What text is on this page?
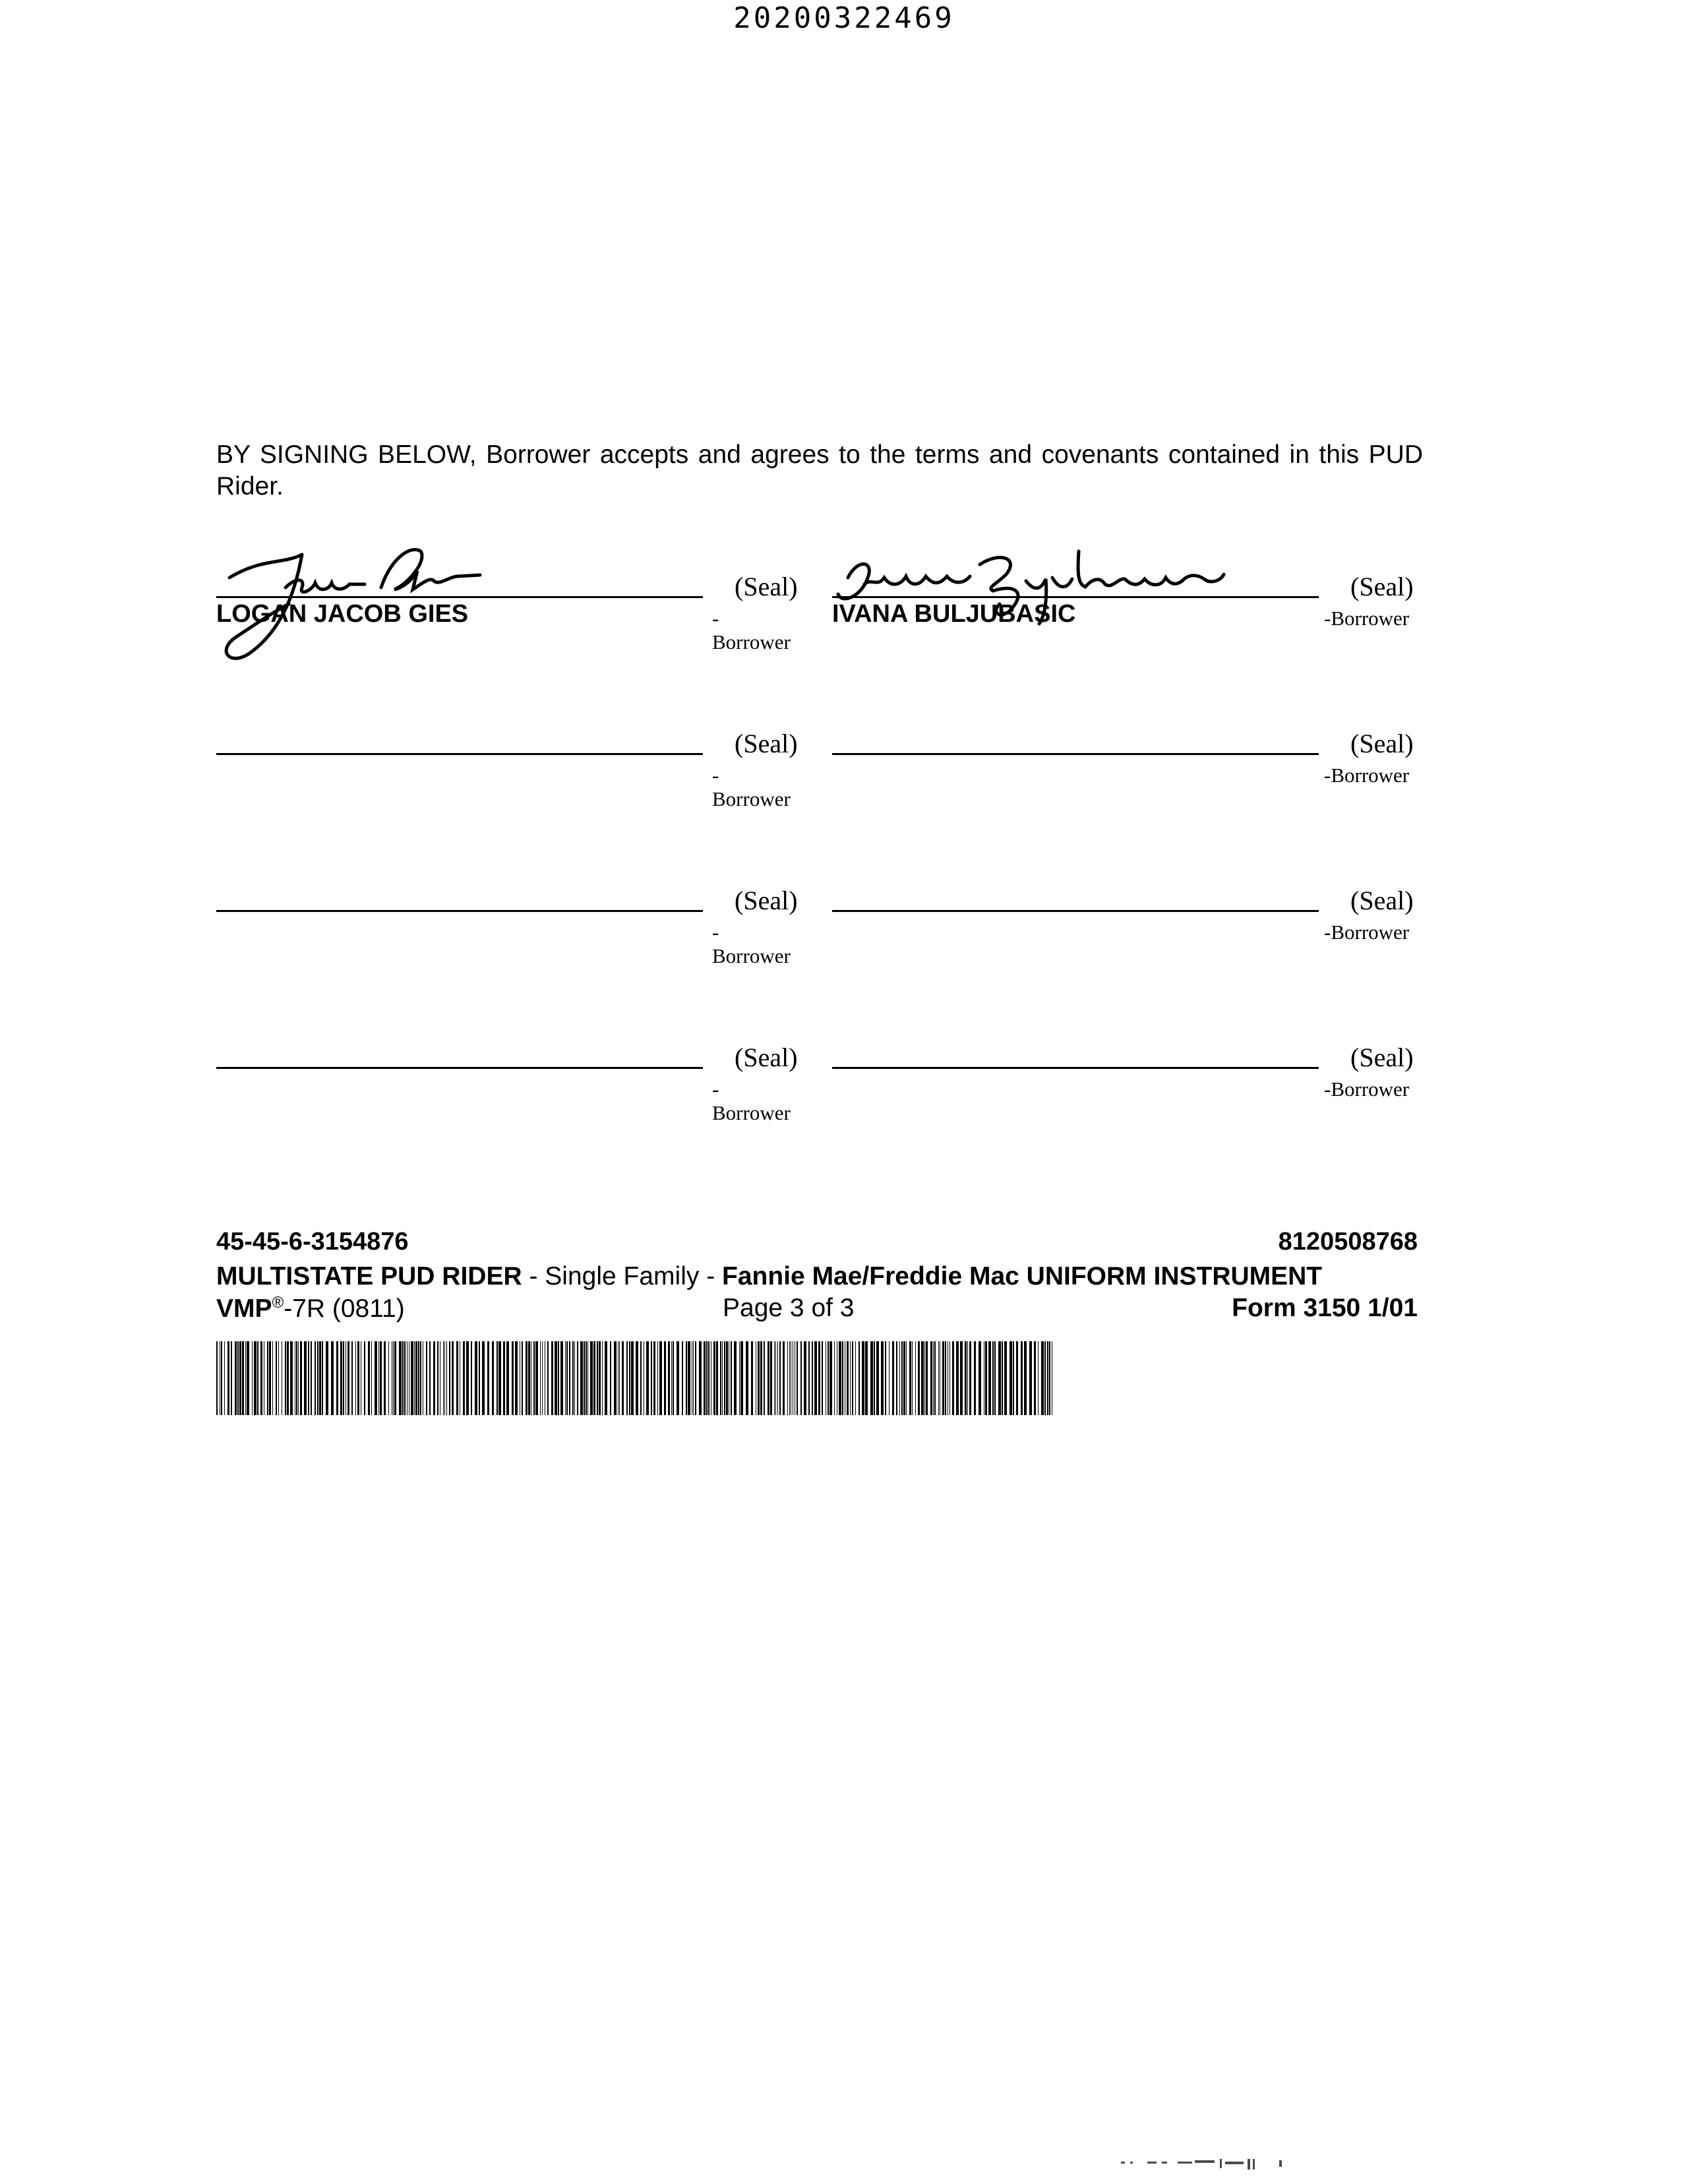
20200322469
BY SIGNING BELOW, Borrower accepts and agrees to the terms and covenants contained in this PUD Rider.
(Seal)
-Borrower
LOGAN JACOB GIES
(Seal)
-Borrower
IVANA BULJUBASIC
(Seal)
-Borrower
(Seal)
-Borrower
(Seal)
-Borrower
(Seal)
-Borrower
(Seal)
-Borrower
(Seal)
-Borrower
45-45-6-3154876	8120508768
MULTISTATE PUD RIDER - Single Family - Fannie Mae/Freddie Mac UNIFORM INSTRUMENT
VMP®-7R (0811)	Page 3 of 3	Form 3150 1/01
